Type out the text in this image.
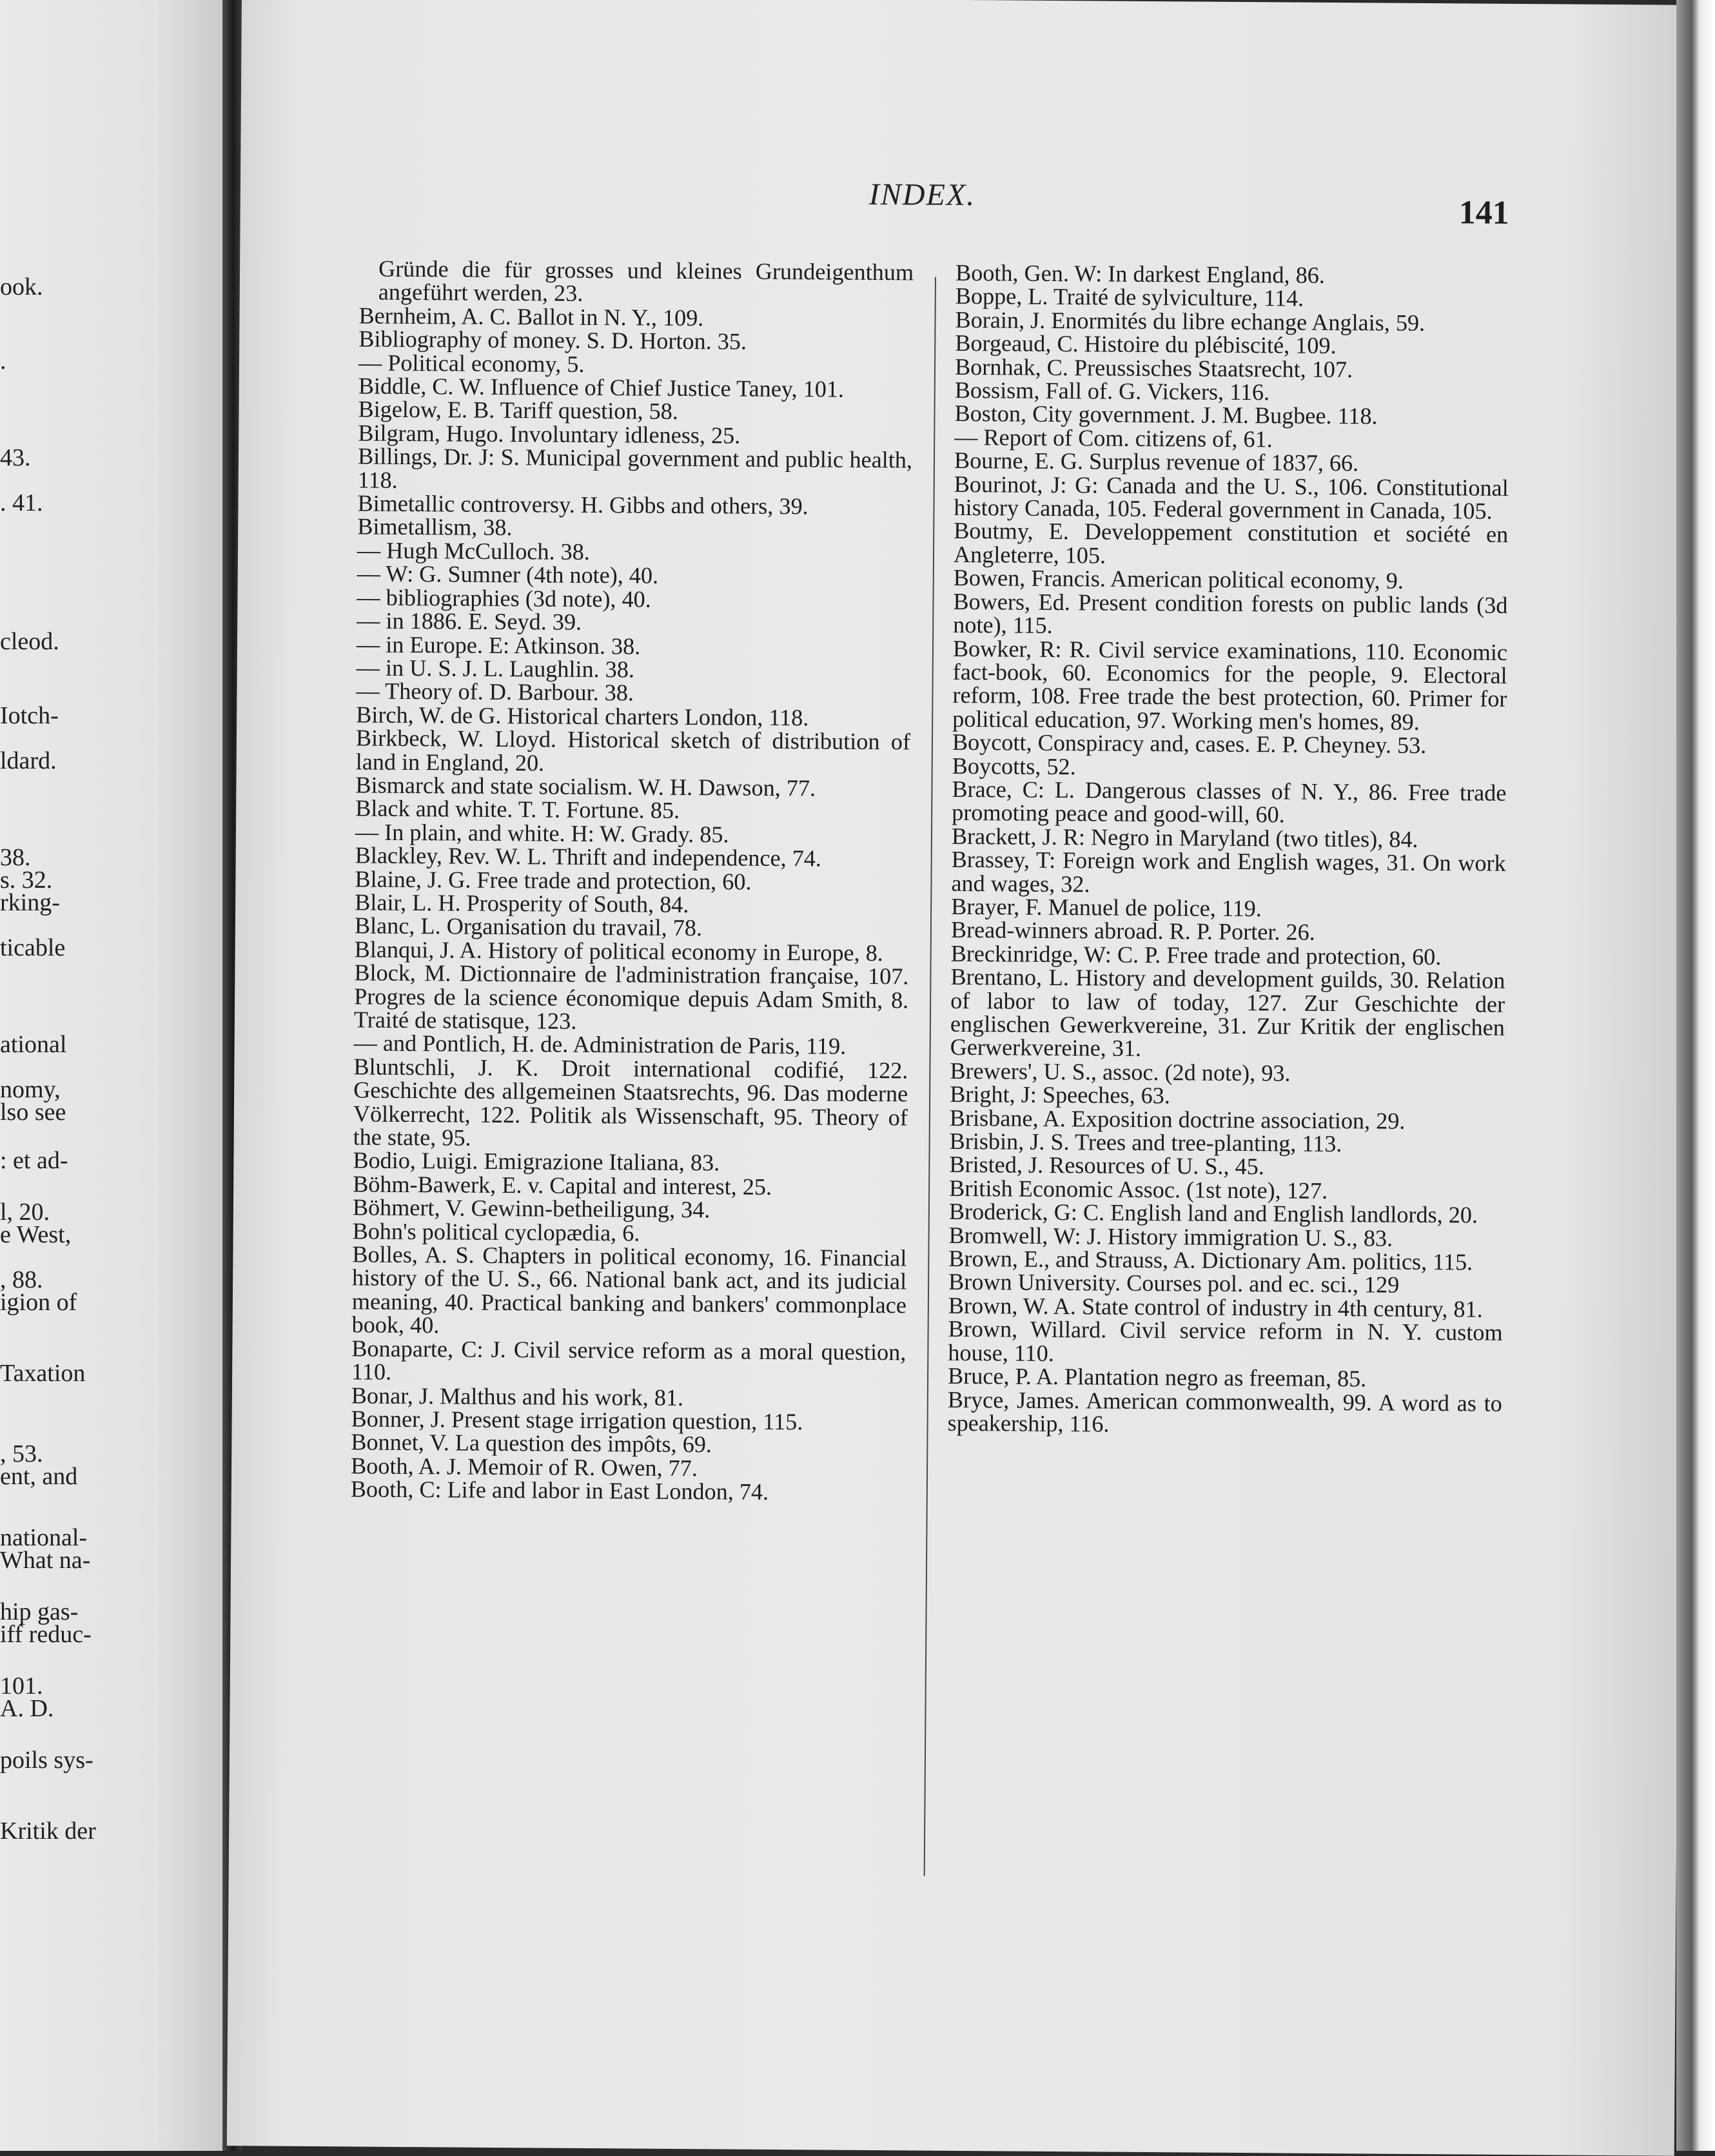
ook.
.
43.
. 41.
cleod.
Iotch-
ldard.
38.
s. 32.
rking-
ticable
ational
nomy,
lso see
: et ad-
l, 20.
e West,
, 88.
igion of
Taxation
, 53.
ent, and
national-
What na-
hip gas-
iff reduc-
101.
A. D.
poils sys-
Kritik der
INDEX.	141

Gründe die für grosses und kleines Grundeigenthum angeführt werden, 23.

Bernheim, A. C. Ballot in N. Y., 109.

Bibliography of money. S. D. Horton. 35.

— Political economy, 5.

Biddle, C. W. Influence of Chief Justice Taney, 101.

Bigelow, E. B. Tariff question, 58.

Bilgram, Hugo. Involuntary idleness, 25.

Billings, Dr. J: S. Municipal government and public health, 118.

Bimetallic controversy. H. Gibbs and others, 39.

Bimetallism, 38.

— Hugh McCulloch. 38.

— W: G. Sumner (4th note), 40.

— bibliographies (3d note), 40.

— in 1886. E. Seyd. 39.

— in Europe. E: Atkinson. 38.

— in U. S. J. L. Laughlin. 38.

— Theory of. D. Barbour. 38.

Birch, W. de G. Historical charters London, 118.

Birkbeck, W. Lloyd. Historical sketch of distribution of land in England, 20.

Bismarck and state socialism. W. H. Dawson, 77.

Black and white. T. T. Fortune. 85.

— In plain, and white. H: W. Grady. 85.

Blackley, Rev. W. L. Thrift and independence, 74.

Blaine, J. G. Free trade and protection, 60.

Blair, L. H. Prosperity of South, 84.

Blanc, L. Organisation du travail, 78.

Blanqui, J. A. History of political economy in Europe, 8.

Block, M. Dictionnaire de l'administration française, 107. Progres de la science économique depuis Adam Smith, 8. Traité de statisque, 123.

— and Pontlich, H. de. Administration de Paris, 119.

Bluntschli, J. K. Droit international codifié, 122. Geschichte des allgemeinen Staatsrechts, 96. Das moderne Völkerrecht, 122. Politik als Wissenschaft, 95. Theory of the state, 95.

Bodio, Luigi. Emigrazione Italiana, 83.

Böhm-Bawerk, E. v. Capital and interest, 25.

Böhmert, V. Gewinn-betheiligung, 34.

Bohn's political cyclopædia, 6.

Bolles, A. S. Chapters in political economy, 16. Financial history of the U. S., 66. National bank act, and its judicial meaning, 40. Practical banking and bankers' commonplace book, 40.

Bonaparte, C: J. Civil service reform as a moral question, 110.

Bonar, J. Malthus and his work, 81.

Bonner, J. Present stage irrigation question, 115.

Bonnet, V. La question des impôts, 69.

Booth, A. J. Memoir of R. Owen, 77.

Booth, C: Life and labor in East London, 74.

Booth, Gen. W: In darkest England, 86.

Boppe, L. Traité de sylviculture, 114.

Borain, J. Enormités du libre echange Anglais, 59.

Borgeaud, C. Histoire du plébiscité, 109.

Bornhak, C. Preussisches Staatsrecht, 107.

Bossism, Fall of. G. Vickers, 116.

Boston, City government. J. M. Bugbee. 118.

— Report of Com. citizens of, 61.

Bourne, E. G. Surplus revenue of 1837, 66.

Bourinot, J: G: Canada and the U. S., 106. Constitutional history Canada, 105. Federal government in Canada, 105.

Boutmy, E. Developpement constitution et société en Angleterre, 105.

Bowen, Francis. American political economy, 9.

Bowers, Ed. Present condition forests on public lands (3d note), 115.

Bowker, R: R. Civil service examinations, 110. Economic fact-book, 60. Economics for the people, 9. Electoral reform, 108. Free trade the best protection, 60. Primer for political education, 97. Working men's homes, 89.

Boycott, Conspiracy and, cases. E. P. Cheyney. 53.

Boycotts, 52.

Brace, C: L. Dangerous classes of N. Y., 86. Free trade promoting peace and good-will, 60.

Brackett, J. R: Negro in Maryland (two titles), 84.

Brassey, T: Foreign work and English wages, 31. On work and wages, 32.

Brayer, F. Manuel de police, 119.

Bread-winners abroad. R. P. Porter. 26.

Breckinridge, W: C. P. Free trade and protection, 60.

Brentano, L. History and development guilds, 30. Relation of labor to law of today, 127. Zur Geschichte der englischen Gewerkvereine, 31. Zur Kritik der englischen Gerwerkvereine, 31.

Brewers', U. S., assoc. (2d note), 93.

Bright, J: Speeches, 63.

Brisbane, A. Exposition doctrine association, 29.

Brisbin, J. S. Trees and tree-planting, 113.

Bristed, J. Resources of U. S., 45.

British Economic Assoc. (1st note), 127.

Broderick, G: C. English land and English landlords, 20.

Bromwell, W: J. History immigration U. S., 83.

Brown, E., and Strauss, A. Dictionary Am. politics, 115.

Brown University. Courses pol. and ec. sci., 129

Brown, W. A. State control of industry in 4th century, 81.

Brown, Willard. Civil service reform in N. Y. custom house, 110.

Bruce, P. A. Plantation negro as freeman, 85.

Bryce, James. American commonwealth, 99. A word as to speakership, 116.
